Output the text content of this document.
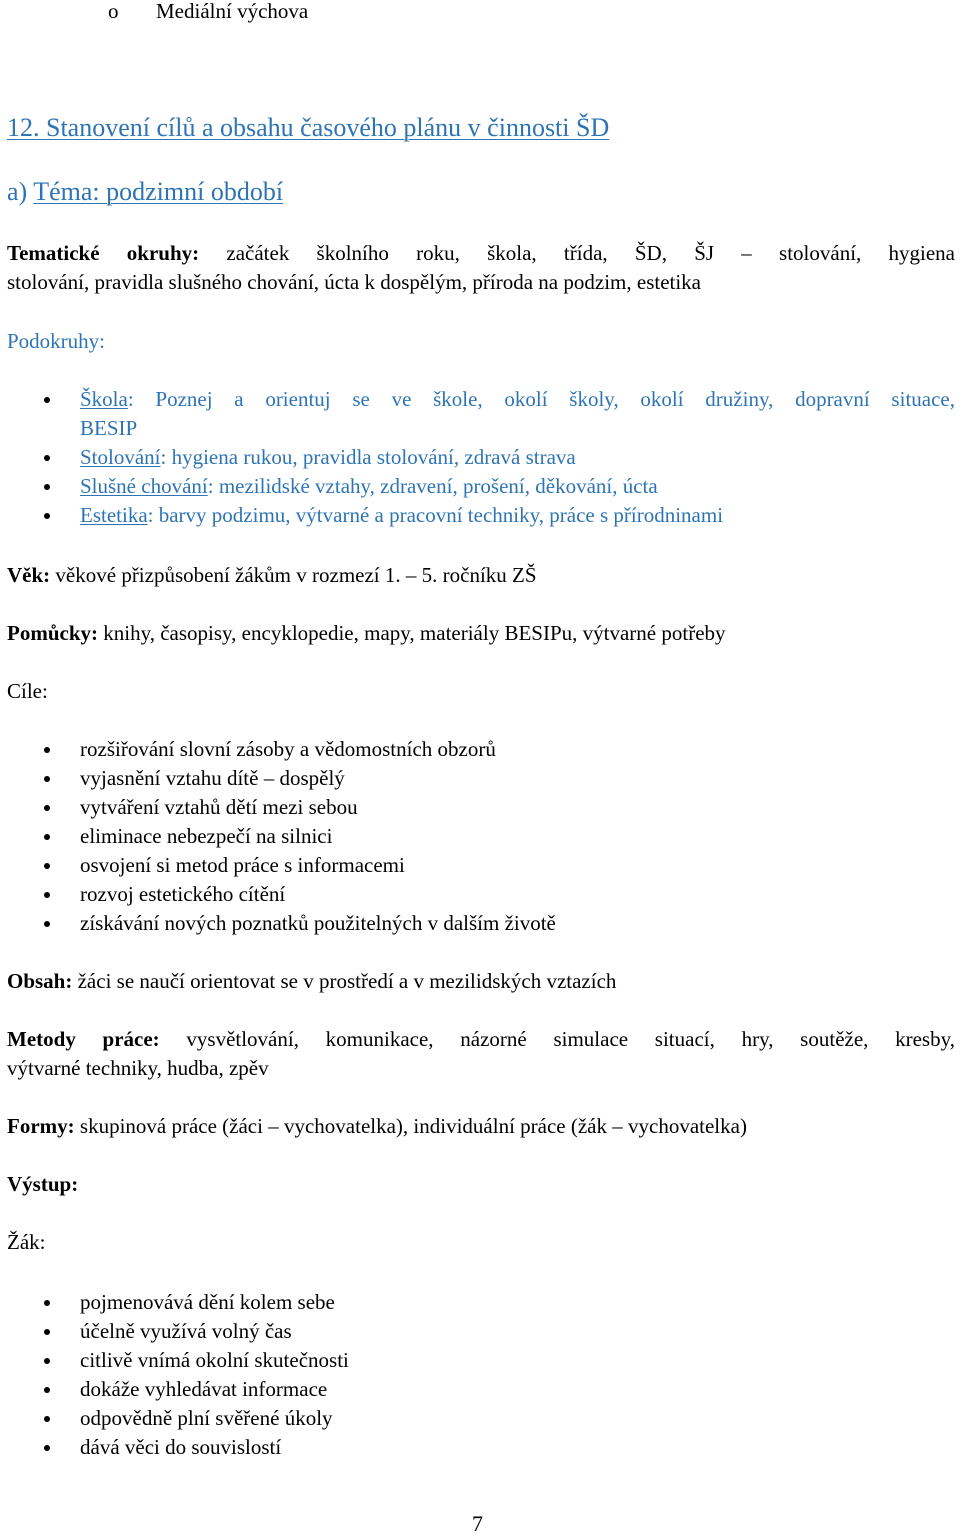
o Mediální výchova
12. Stanovení cílů a obsahu časového plánu v činnosti ŠD
a) Téma: podzimní období
Tematické okruhy: začátek školního roku, škola, třída, ŠD, ŠJ – stolování, hygiena
stolování, pravidla slušného chování, úcta k dospělým, příroda na podzim, estetika
Podokruhy:
Škola: Poznej a orientuj se ve škole, okolí školy, okolí družiny, dopravní situace,
BESIP
Stolování: hygiena rukou, pravidla stolování, zdravá strava
Slušné chování: mezilidské vztahy, zdravení, prošení, děkování, úcta
Estetika: barvy podzimu, výtvarné a pracovní techniky, práce s přírodninami
Věk: věkové přizpůsobení žákům v rozmezí 1. – 5. ročníku ZŠ
Pomůcky: knihy, časopisy, encyklopedie, mapy, materiály BESIPu, výtvarné potřeby
Cíle:
rozšiřování slovní zásoby a vědomostních obzorů
vyjasnění vztahu dítě – dospělý
vytváření vztahů dětí mezi sebou
eliminace nebezpečí na silnici
osvojení si metod práce s informacemi
rozvoj estetického cítění
získávání nových poznatků použitelných v dalším životě
Obsah: žáci se naučí orientovat se v prostředí a v mezilidských vztazích
Metody práce: vysvětlování, komunikace, názorné simulace situací, hry, soutěže, kresby,
výtvarné techniky, hudba, zpěv
Formy: skupinová práce (žáci – vychovatelka), individuální práce (žák – vychovatelka)
Výstup:
Žák:
pojmenovává dění kolem sebe
účelně využívá volný čas
citlivě vnímá okolní skutečnosti
dokáže vyhledávat informace
odpovědně plní svěřené úkoly
dává věci do souvislostí
7
